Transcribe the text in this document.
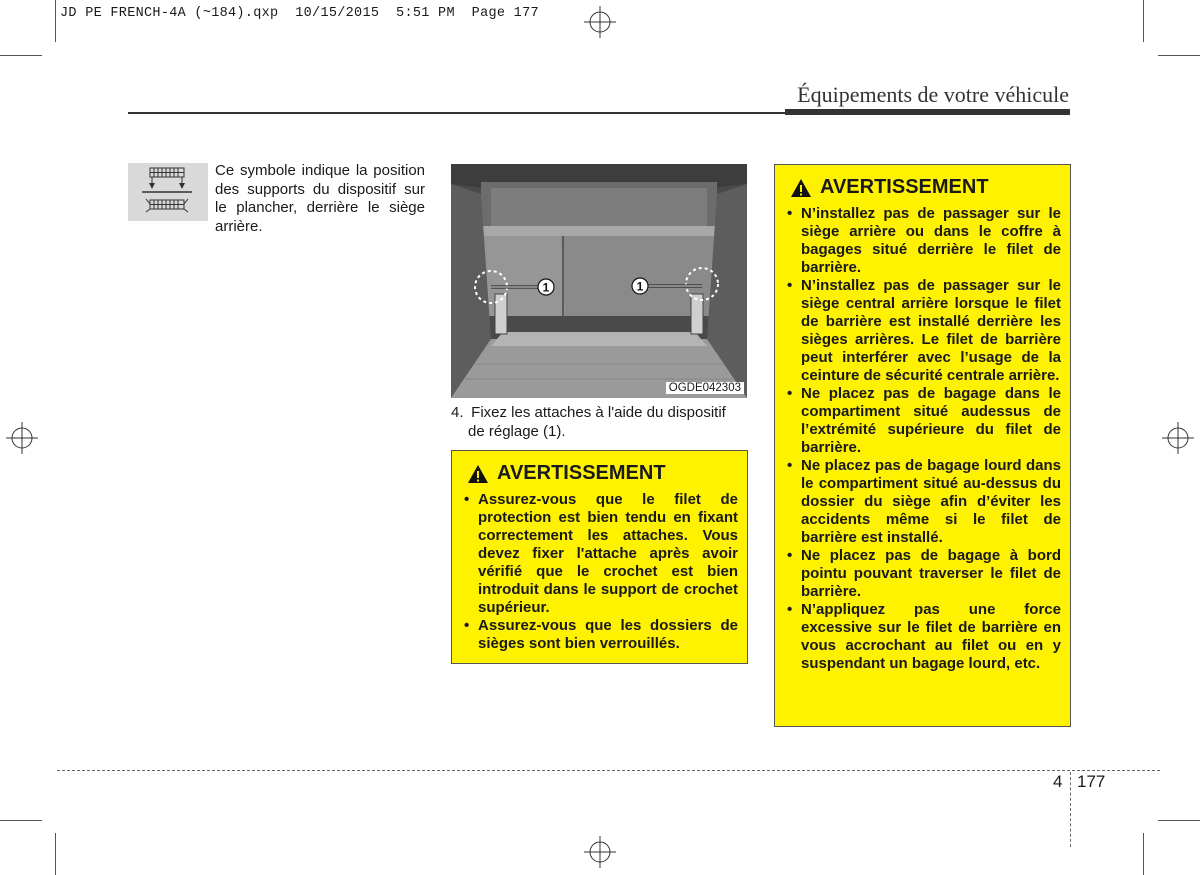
JD PE FRENCH-4A (~184).qxp  10/15/2015  5:51 PM  Page 177
Équipements de votre véhicule
Ce symbole indique la position des supports du dispositif sur le plancher, derrière le siège arrière.
1	1
OGDE042303
4. Fixez les attaches à l'aide du dispositif
de réglage (1).
AVERTISSEMENT
• Assurez-vous que le filet de protection est bien tendu en fixant correctement les attaches. Vous devez fixer l'attache après avoir vérifié que le crochet est bien introduit dans le support de crochet supérieur.
• Assurez-vous que les dossiers de sièges sont bien verrouillés.
AVERTISSEMENT
• N’installez pas de passager sur le siège arrière ou dans le coffre à bagages situé derrière le filet de barrière.
• N’installez pas de passager sur le siège central arrière lorsque le filet de barrière est installé derrière les sièges arrières. Le filet de barrière peut interférer avec l’usage de la ceinture de sécurité centrale arrière.
• Ne placez pas de bagage dans le compartiment situé audessus de l’extrémité supérieure du filet de barrière.
• Ne placez pas de bagage lourd dans le compartiment situé au-dessus du dossier du siège afin d’éviter les accidents même si le filet de barrière est installé.
• Ne placez pas de bagage à bord pointu pouvant traverser le filet de barrière.
• N’appliquez pas une force excessive sur le filet de barrière en vous accrochant au filet ou en y suspendant un bagage lourd, etc.
4 177
